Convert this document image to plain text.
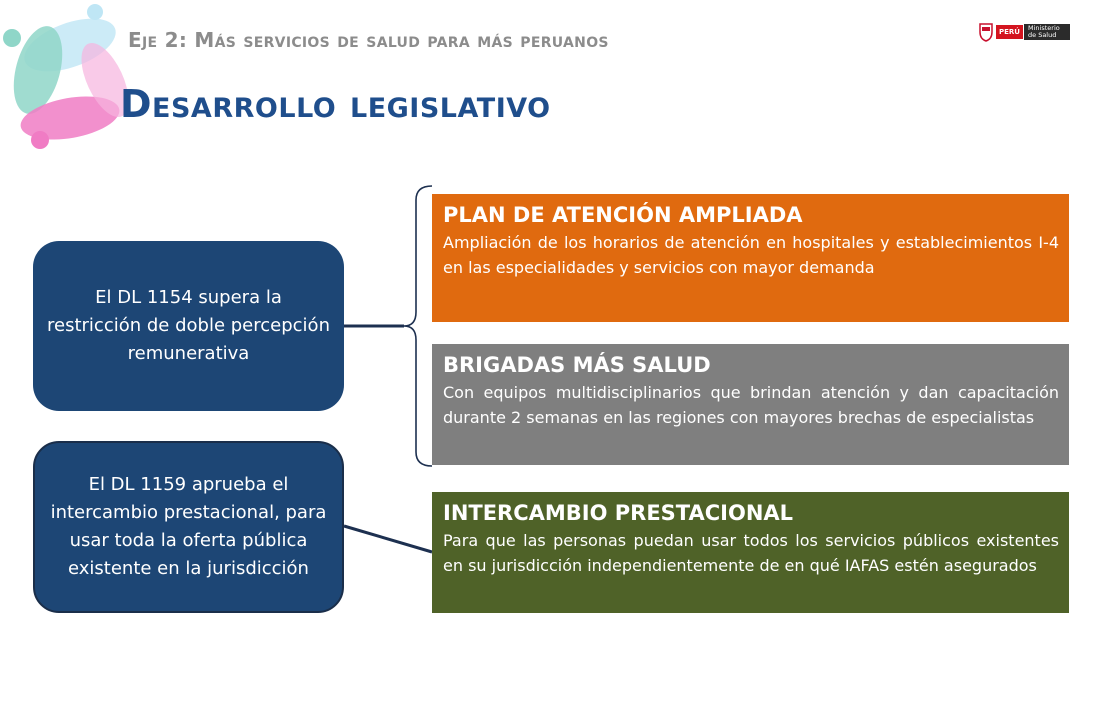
Eje 2: Más servicios de salud para más peruanos
Desarrollo legislativo
PERÚ	Ministerio
de Salud
El DL 1154 supera la restricción de doble percepción remunerativa
El DL 1159 aprueba el intercambio prestacional, para usar toda la oferta pública existente en la jurisdicción
PLAN DE ATENCIÓN AMPLIADA

Ampliación de los horarios de atención en hospitales y establecimientos I-4 en las especialidades y servicios con mayor demanda

BRIGADAS MÁS SALUD

Con equipos multidisciplinarios que brindan atención y dan capacitación durante 2 semanas en las regiones con mayores brechas de especialistas

INTERCAMBIO PRESTACIONAL

Para que las personas puedan usar todos los servicios públicos existentes en su jurisdicción independientemente de en qué IAFAS estén asegurados
